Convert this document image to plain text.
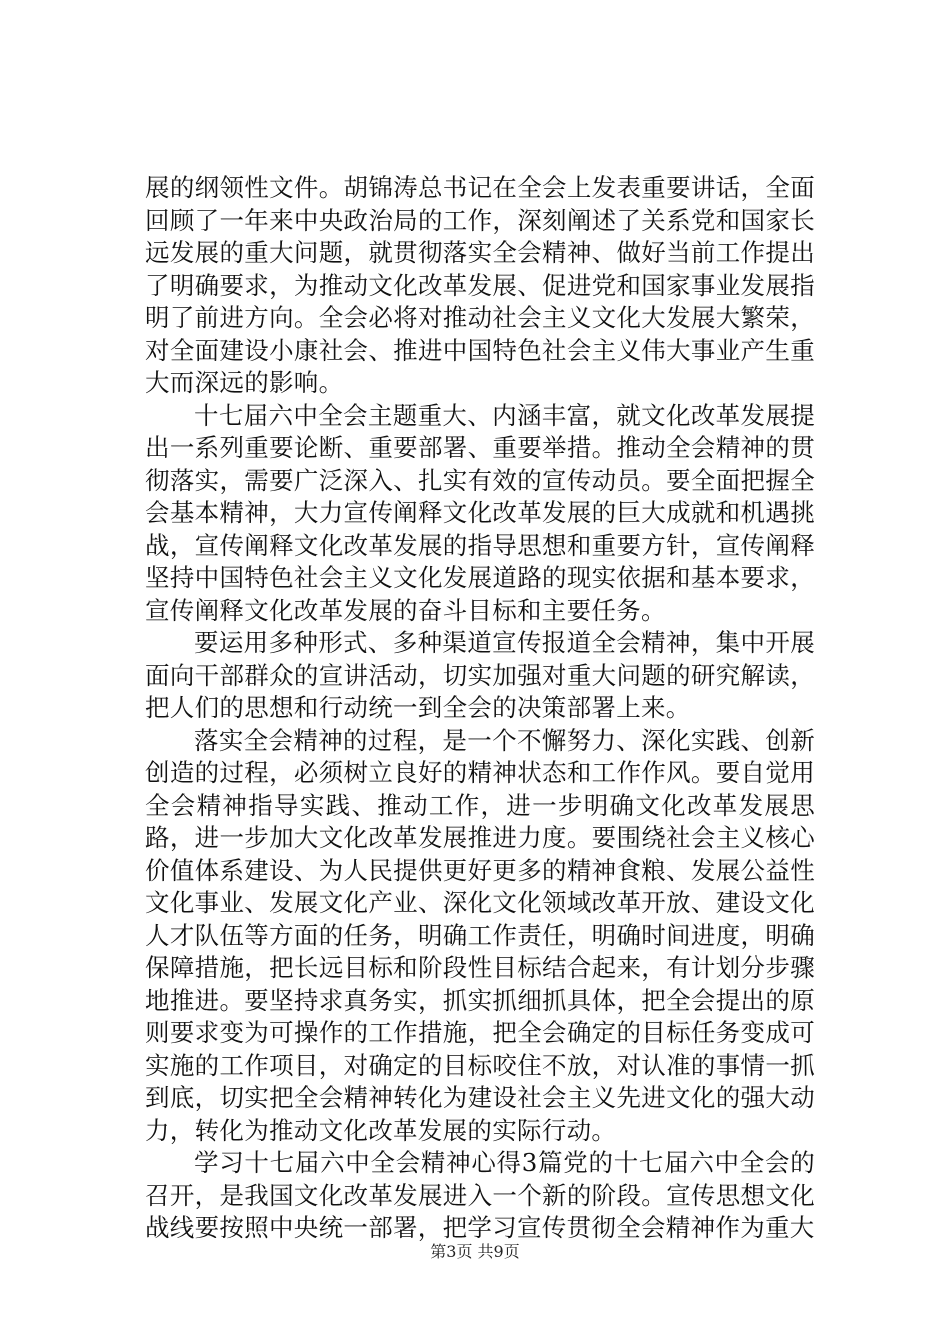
展的纲领性文件。胡锦涛总书记在全会上发表重要讲话，全面回顾了一年来中央政治局的工作，深刻阐述了关系党和国家长远发展的重大问题，就贯彻落实全会精神、做好当前工作提出了明确要求，为推动文化改革发展、促进党和国家事业发展指明了前进方向。全会必将对推动社会主义文化大发展大繁荣，对全面建设小康社会、推进中国特色社会主义伟大事业产生重大而深远的影响。

十七届六中全会主题重大、内涵丰富，就文化改革发展提出一系列重要论断、重要部署、重要举措。推动全会精神的贯彻落实，需要广泛深入、扎实有效的宣传动员。要全面把握全会基本精神，大力宣传阐释文化改革发展的巨大成就和机遇挑战，宣传阐释文化改革发展的指导思想和重要方针，宣传阐释坚持中国特色社会主义文化发展道路的现实依据和基本要求，宣传阐释文化改革发展的奋斗目标和主要任务。

要运用多种形式、多种渠道宣传报道全会精神，集中开展面向干部群众的宣讲活动，切实加强对重大问题的研究解读，把人们的思想和行动统一到全会的决策部署上来。

落实全会精神的过程，是一个不懈努力、深化实践、创新创造的过程，必须树立良好的精神状态和工作作风。要自觉用全会精神指导实践、推动工作，进一步明确文化改革发展思路，进一步加大文化改革发展推进力度。要围绕社会主义核心价值体系建设、为人民提供更好更多的精神食粮、发展公益性文化事业、发展文化产业、深化文化领域改革开放、建设文化人才队伍等方面的任务，明确工作责任，明确时间进度，明确保障措施，把长远目标和阶段性目标结合起来，有计划分步骤地推进。要坚持求真务实，抓实抓细抓具体，把全会提出的原则要求变为可操作的工作措施，把全会确定的目标任务变成可实施的工作项目，对确定的目标咬住不放，对认准的事情一抓到底，切实把全会精神转化为建设社会主义先进文化的强大动力，转化为推动文化改革发展的实际行动。

学习十七届六中全会精神心得3篇党的十七届六中全会的召开，是我国文化改革发展进入一个新的阶段。宣传思想文化战线要按照中央统一部署，把学习宣传贯彻全会精神作为重大

第3页 共9页
